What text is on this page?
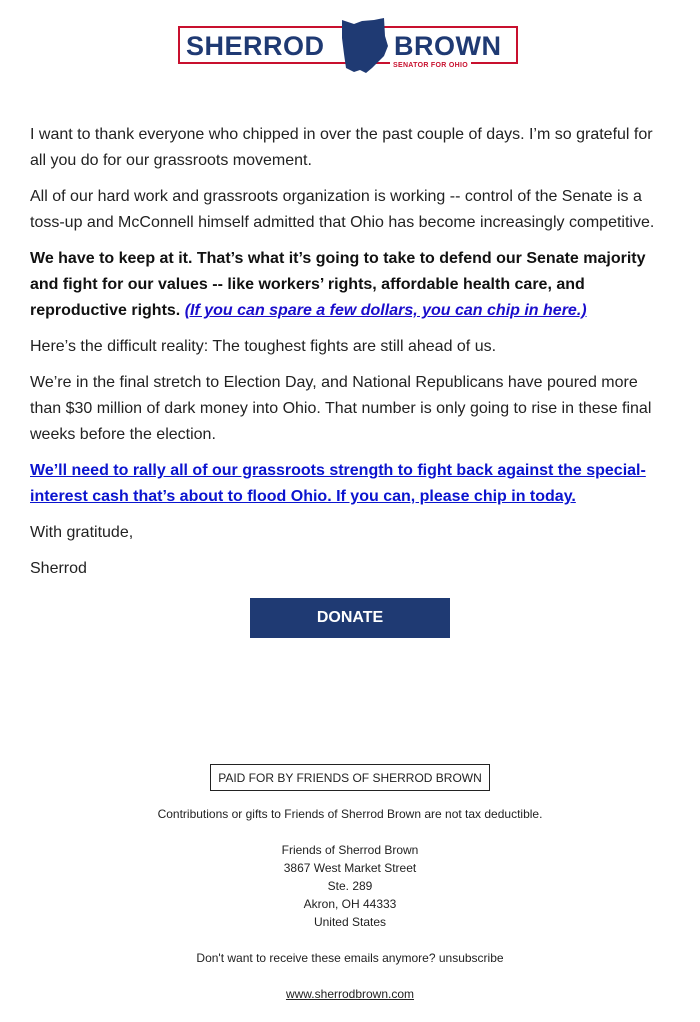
SHERROD	BROWN
SENATOR FOR OHIO

I want to thank everyone who chipped in over the past couple of days. I’m so grateful for all you do for our grassroots movement.

All of our hard work and grassroots organization is working -- control of the Senate is a toss-up and McConnell himself admitted that Ohio has become increasingly competitive.

We have to keep at it. That’s what it’s going to take to defend our Senate majority and fight for our values -- like workers’ rights, affordable health care, and reproductive rights. (If you can spare a few dollars, you can chip in here.)

Here’s the difficult reality: The toughest fights are still ahead of us.

We’re in the final stretch to Election Day, and National Republicans have poured more than $30 million of dark money into Ohio. That number is only going to rise in these final weeks before the election.

We’ll need to rally all of our grassroots strength to fight back against the special-interest cash that’s about to flood Ohio. If you can, please chip in today.

With gratitude,

Sherrod

DONATE
PAID FOR BY FRIENDS OF SHERROD BROWN
Contributions or gifts to Friends of Sherrod Brown are not tax deductible.
Friends of Sherrod Brown
3867 West Market Street
Ste. 289
Akron, OH 44333
United States
Don't want to receive these emails anymore? unsubscribe
www.sherrodbrown.com
